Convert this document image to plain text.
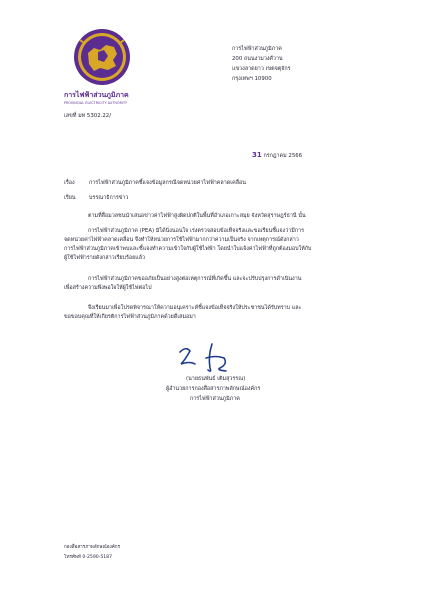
การไฟฟ้าส่วนภูมิภาค
PROVINCIAL ELECTRICITY AUTHORITY
เลขที่ มท 5302.22/
การไฟฟ้าส่วนภูมิภาค
200 ถนนงามวงศ์วาน
แขวงลาดยาว เขตจตุจักร
กรุงเทพฯ 10900
31 กรกฎาคม 2566
เรื่อง	การไฟฟ้าส่วนภูมิภาคชี้แจงข้อมูลกรณีจดหน่วยค่าไฟฟ้าคลาดเคลื่อน
เรียน บรรณาธิการข่าว
ตามที่สื่อมวลชนนำเสนอข่าวค่าไฟฟ้าสูงผิดปกติในพื้นที่อำเภอเกาะสมุย จังหวัดสุราษฎร์ธานี นั้น
การไฟฟ้าส่วนภูมิภาค (PEA) มิได้นิ่งนอนใจ เร่งตรวจสอบข้อเท็จจริงและขอเรียนชี้แจงว่ามีการ
จดหน่วยค่าไฟฟ้าคลาดเคลื่อน จึงทำให้หน่วยการใช้ไฟฟ้ามากกว่าความเป็นจริง จากเหตุการณ์ดังกล่าว
การไฟฟ้าส่วนภูมิภาคเข้าพบและชี้แจงทำความเข้าใจกับผู้ใช้ไฟฟ้า โดยนำใบแจ้งค่าไฟฟ้าที่ถูกต้องมอบให้กับ
ผู้ใช้ไฟฟ้ารายดังกล่าวเรียบร้อยแล้ว
การไฟฟ้าส่วนภูมิภาคขออภัยเป็นอย่างสูงต่อเหตุการณ์ที่เกิดขึ้น และจะปรับปรุงการดำเนินงาน
เพื่อสร้างความพึงพอใจให้ผู้ใช้ไฟต่อไป
จึงเรียนมาเพื่อโปรดพิจารณาให้ความอนุเคราะห์ชี้แจงข้อเท็จจริงให้ประชาชนได้รับทราบ และ
ขอขอบคุณที่ให้เกียรติการไฟฟ้าส่วนภูมิภาคด้วยดีเสมอมา
(นายธนพันธ์ เติมสุวรรณ)
ผู้อำนวยการกองสื่อสารภาพลักษณ์องค์กร
การไฟฟ้าส่วนภูมิภาค
กองสื่อสารภาพลักษณ์องค์กร
โทรศัพท์ 0-2590-5187
